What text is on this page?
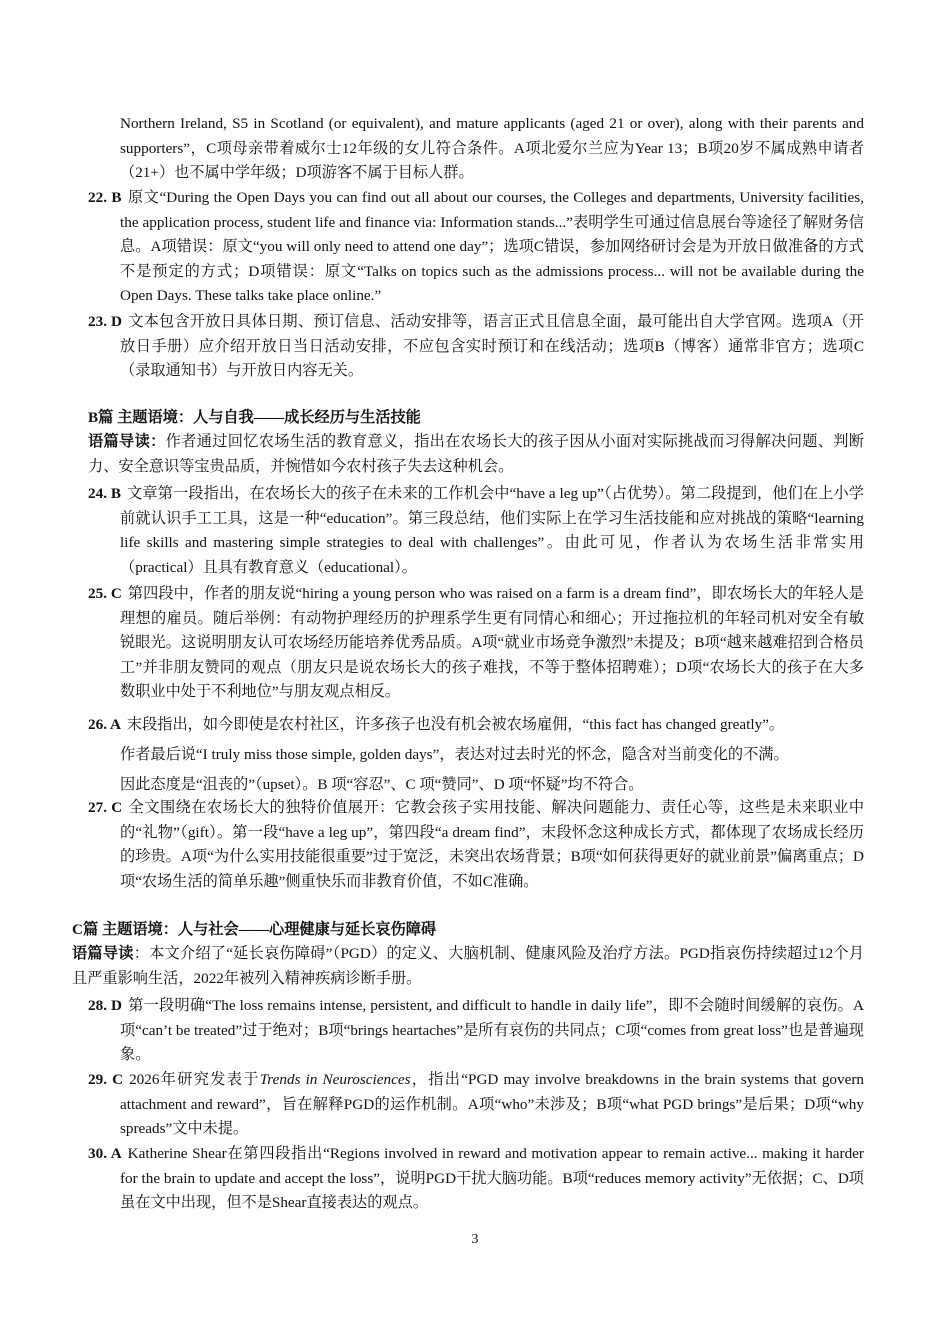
Northern Ireland, S5 in Scotland (or equivalent), and mature applicants (aged 21 or over), along with their parents and supporters”，C项母亲带着威尔士12年级的女儿符合条件。A项北爱尔兰应为Year 13；B项20岁不属成熟申请者（21+）也不属中学年级；D项游客不属于目标人群。
22. B 原文“During the Open Days you can find out all about our courses, the Colleges and departments, University facilities, the application process, student life and finance via: Information stands...”表明学生可通过信息展台等途径了解财务信息。A项错误：原文“you will only need to attend one day”；选项C错误，参加网络研讨会是为开放日做准备的方式不是预定的方式；D项错误：原文“Talks on topics such as the admissions process... will not be available during the Open Days. These talks take place online.”
23. D 文本包含开放日具体日期、预订信息、活动安排等，语言正式且信息全面，最可能出自大学官网。选项A（开放日手册）应介绍开放日当日活动安排，不应包含实时预订和在线活动；选项B（博客）通常非官方；选项C（录取通知书）与开放日内容无关。
B篇 主题语境：人与自我——成长经历与生活技能
语篇导读：作者通过回忆农场生活的教育意义，指出在农场长大的孩子因从小面对实际挑战而习得解决问题、判断力、安全意识等宝贵品质，并惋惜如今农村孩子失去这种机会。
24. B 文章第一段指出，在农场长大的孩子在未来的工作机会中“have a leg up”（占优势）。第二段提到，他们在上小学前就认识手工工具，这是一种“education”。第三段总结，他们实际上在学习生活技能和应对挑战的策略“learning life skills and mastering simple strategies to deal with challenges”。由此可见，作者认为农场生活非常实用（practical）且具有教育意义（educational）。
25. C 第四段中，作者的朋友说“hiring a young person who was raised on a farm is a dream find”，即农场长大的年轻人是理想的雇员。随后举例：有动物护理经历的护理系学生更有同情心和细心；开过拖拉机的年轻司机对安全有敏锐眼光。这说明朋友认可农场经历能培养优秀品质。A项“就业市场竞争激烈”未提及；B项“越来越难招到合格员工”并非朋友赞同的观点（朋友只是说农场长大的孩子难找，不等于整体招聘难）；D项“农场长大的孩子在大多数职业中处于不利地位”与朋友观点相反。
26. A 末段指出，如今即使是农村社区，许多孩子也没有机会被农场雇佣，“this fact has changed greatly”。
作者最后说“I truly miss those simple, golden days”，表达对过去时光的怀念，隐含对当前变化的不满。
因此态度是“沮丧的”（upset）。B 项“容忍”、C 项“赞同”、D 项“怀疑”均不符合。
27. C 全文围绕在农场长大的独特价值展开：它教会孩子实用技能、解决问题能力、责任心等，这些是未来职业中的“礼物”（gift）。第一段“have a leg up”，第四段“a dream find”，末段怀念这种成长方式，都体现了农场成长经历的珍贵。A项“为什么实用技能很重要”过于宽泛，未突出农场背景；B项“如何获得更好的就业前景”偏离重点；D项“农场生活的简单乐趣”侧重快乐而非教育价值，不如C准确。
C篇 主题语境：人与社会——心理健康与延长哀伤障碍
语篇导读：本文介绍了“延长哀伤障碍”（PGD）的定义、大脑机制、健康风险及治疗方法。PGD指哀伤持续超过12个月且严重影响生活，2022年被列入精神疾病诊断手册。
28. D 第一段明确“The loss remains intense, persistent, and difficult to handle in daily life”，即不会随时间缓解的哀伤。A项“can’t be treated”过于绝对；B项“brings heartaches”是所有哀伤的共同点；C项“comes from great loss”也是普遍现象。
29. C 2026年研究发表于Trends in Neurosciences，指出“PGD may involve breakdowns in the brain systems that govern attachment and reward”，旨在解释PGD的运作机制。A项“who”未涉及；B项“what PGD brings”是后果；D项“why spreads”文中未提。
30. A Katherine Shear在第四段指出“Regions involved in reward and motivation appear to remain active... making it harder for the brain to update and accept the loss”，说明PGD干扰大脑功能。B项“reduces memory activity”无依据；C、D项虽在文中出现，但不是Shear直接表达的观点。
3
